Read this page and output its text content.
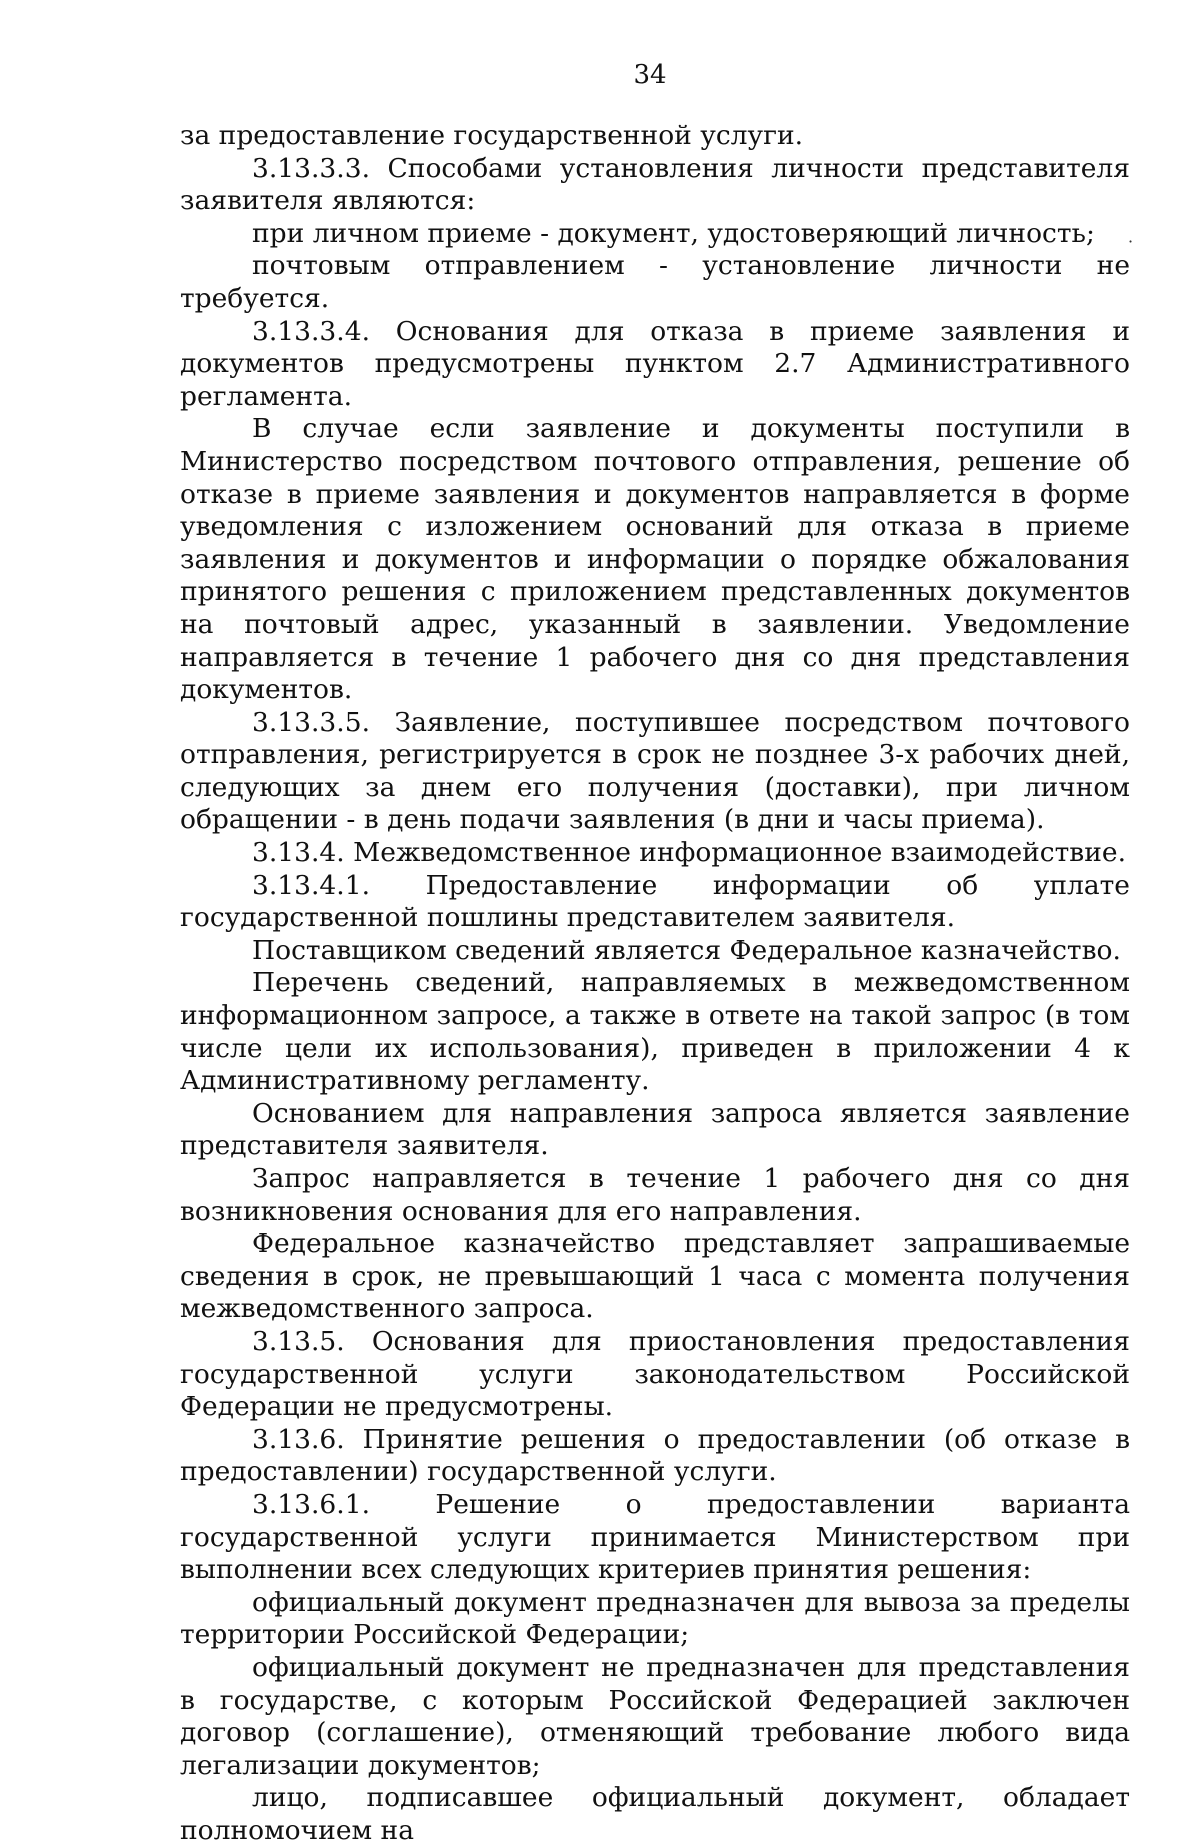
34
·

за предоставление государственной услуги.

3.13.3.3. Способами установления личности представителя заявителя являются:

при личном приеме - документ, удостоверяющий личность;

почтовым отправлением - установление личности не требуется.

3.13.3.4. Основания для отказа в приеме заявления и документов предусмотрены пунктом 2.7 Административного регламента.

В случае если заявление и документы поступили в Министерство посредством почтового отправления, решение об отказе в приеме заявления и документов направляется в форме уведомления с изложением оснований для отказа в приеме заявления и документов и информации о порядке обжалования принятого решения с приложением представленных документов на почтовый адрес, указанный в заявлении. Уведомление направляется в течение 1 рабочего дня со дня представления документов.

3.13.3.5. Заявление, поступившее посредством почтового отправления, регистрируется в срок не позднее 3-х рабочих дней, следующих за днем его получения (доставки), при личном обращении - в день подачи заявления (в дни и часы приема).

3.13.4. Межведомственное информационное взаимодействие.

3.13.4.1. Предоставление информации об уплате государственной пошлины представителем заявителя.

Поставщиком сведений является Федеральное казначейство.

Перечень сведений, направляемых в межведомственном информационном запросе, а также в ответе на такой запрос (в том числе цели их использования), приведен в приложении 4 к Административному регламенту.

Основанием для направления запроса является заявление представителя заявителя.

Запрос направляется в течение 1 рабочего дня со дня возникновения основания для его направления.

Федеральное казначейство представляет запрашиваемые сведения в срок, не превышающий 1 часа с момента получения межведомственного запроса.

3.13.5. Основания для приостановления предоставления государственной услуги законодательством Российской Федерации не предусмотрены.

3.13.6. Принятие решения о предоставлении (об отказе в предоставлении) государственной услуги.

3.13.6.1. Решение о предоставлении варианта государственной услуги принимается Министерством при выполнении всех следующих критериев принятия решения:

официальный документ предназначен для вывоза за пределы территории Российской Федерации;

официальный документ не предназначен для представления в государстве, с которым Российской Федерацией заключен договор (соглашение), отменяющий требование любого вида легализации документов;

лицо, подписавшее официальный документ, обладает полномочием на
